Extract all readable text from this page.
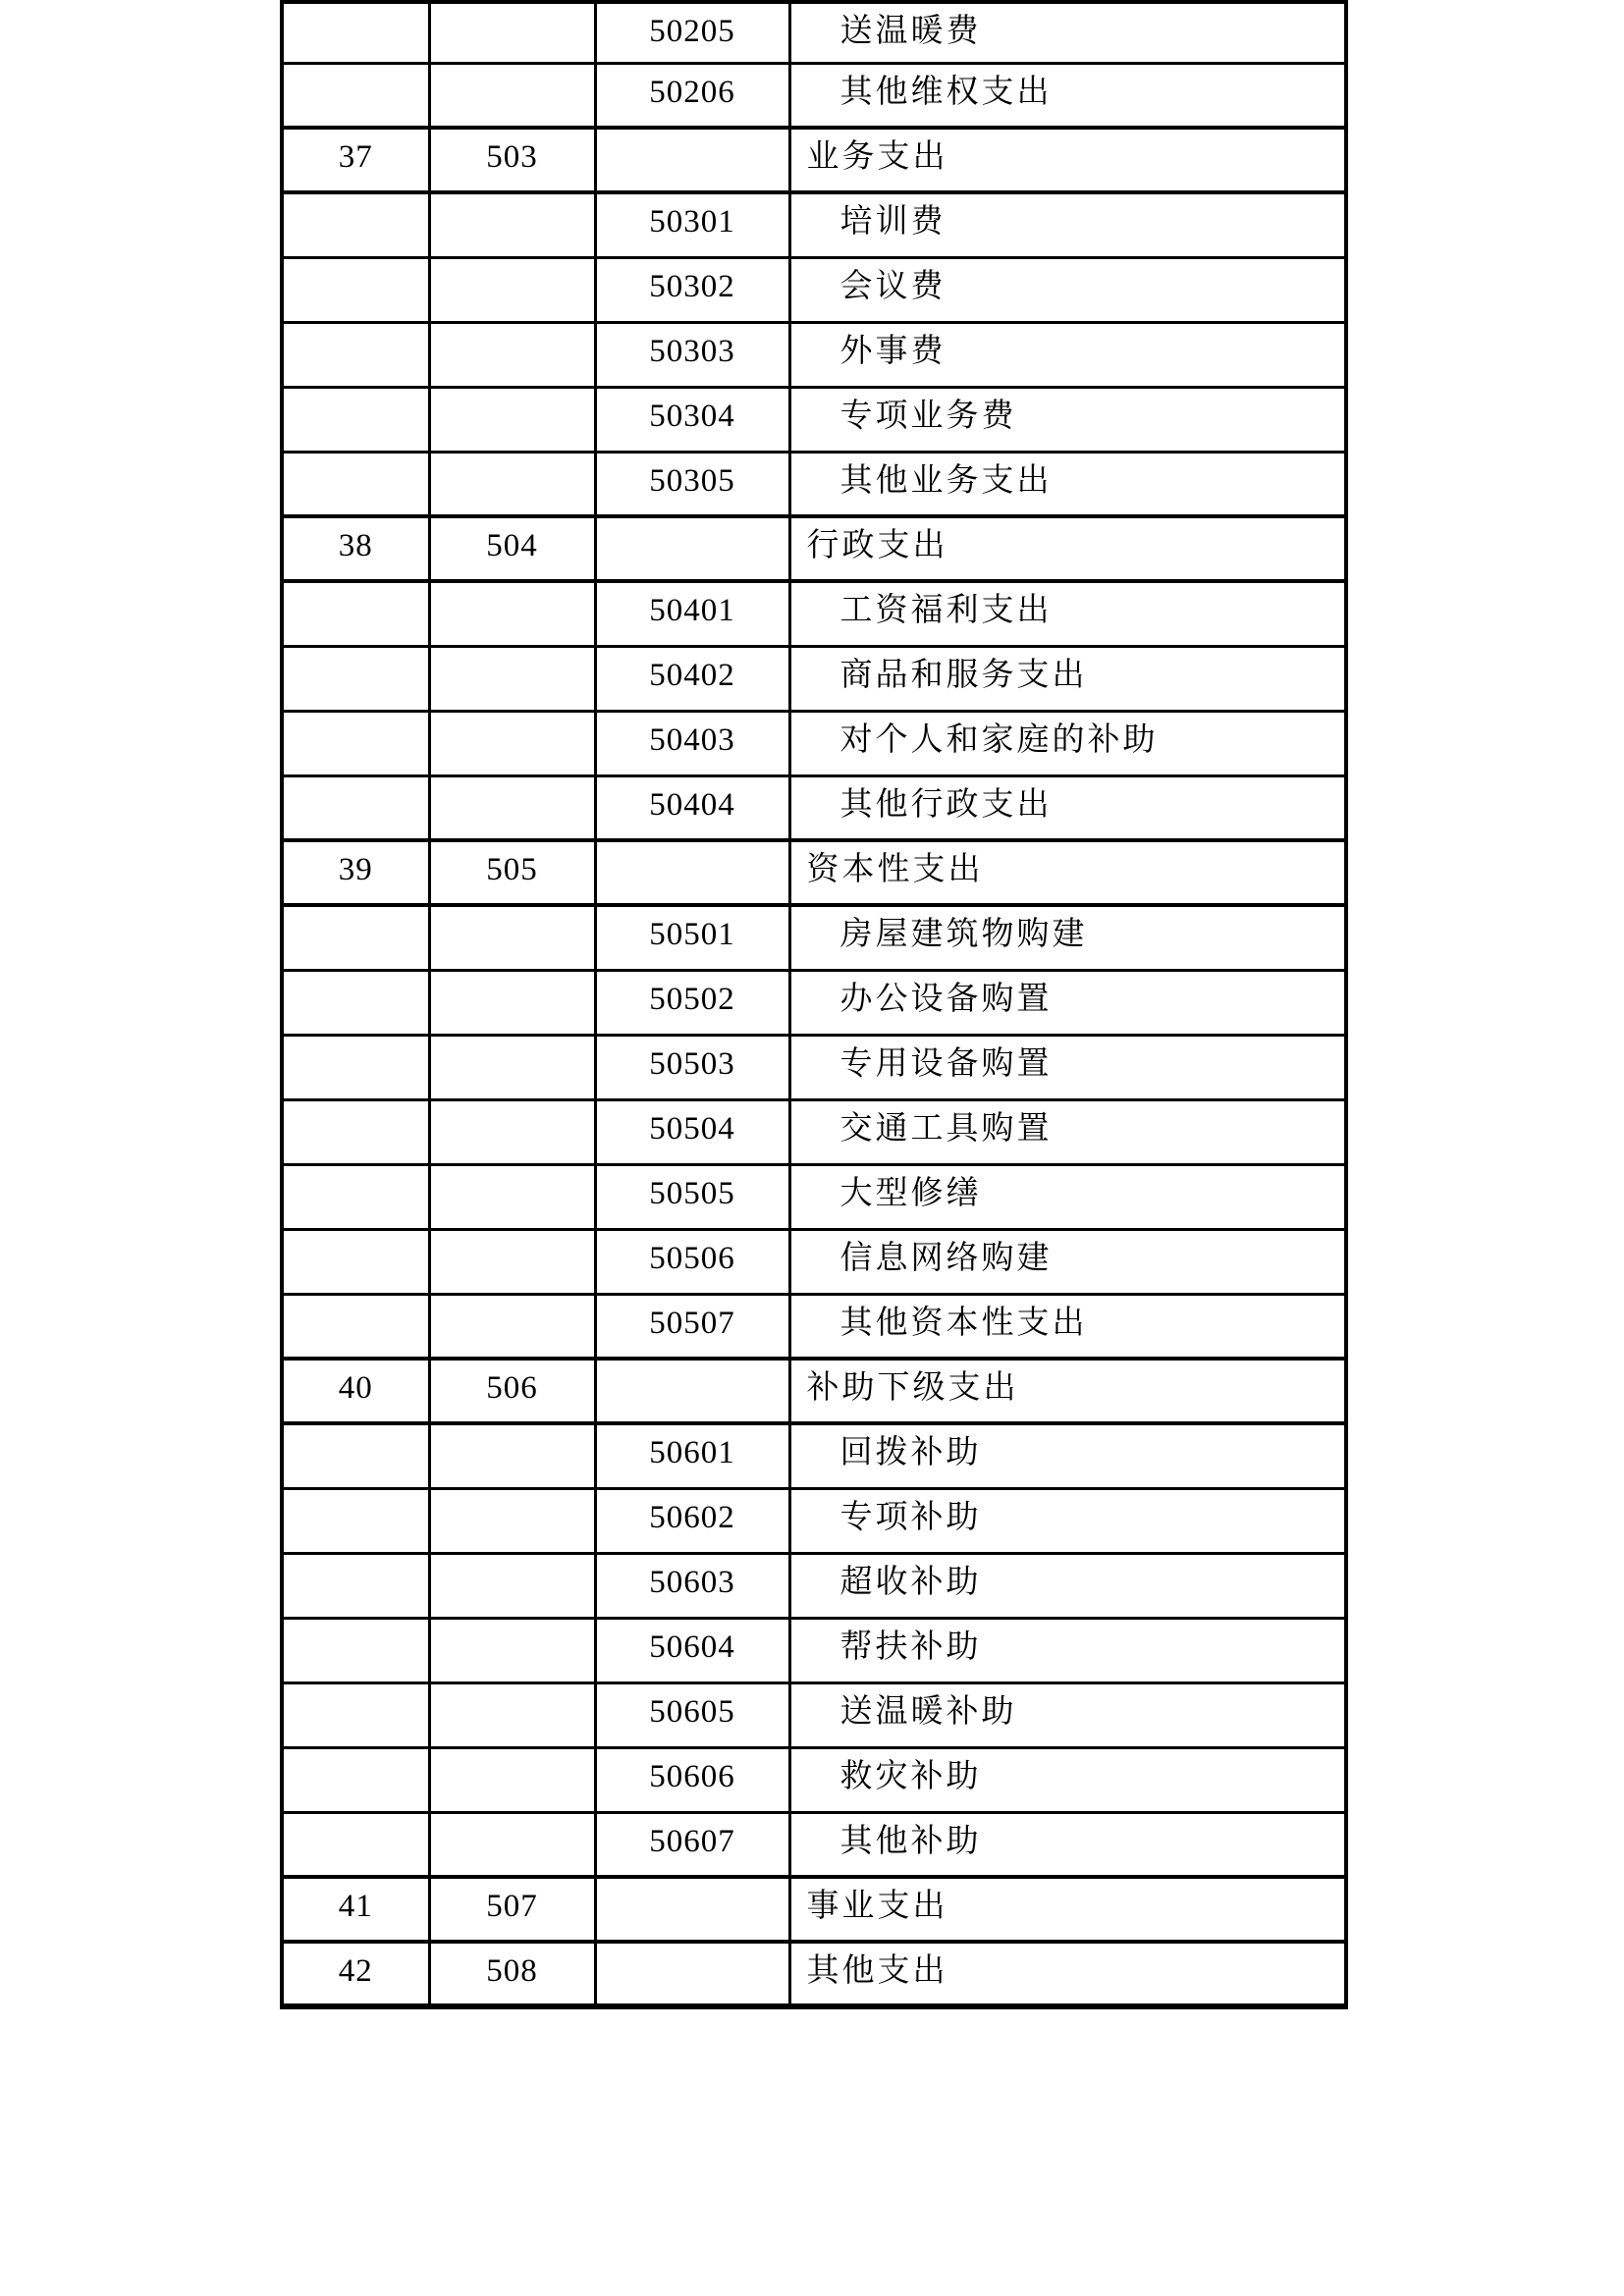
		50205	送温暖费
		50206	其他维权支出
37	503		业务支出
		50301	培训费
		50302	会议费
		50303	外事费
		50304	专项业务费
		50305	其他业务支出
38	504		行政支出
		50401	工资福利支出
		50402	商品和服务支出
		50403	对个人和家庭的补助
		50404	其他行政支出
39	505		资本性支出
		50501	房屋建筑物购建
		50502	办公设备购置
		50503	专用设备购置
		50504	交通工具购置
		50505	大型修缮
		50506	信息网络购建
		50507	其他资本性支出
40	506		补助下级支出
		50601	回拨补助
		50602	专项补助
		50603	超收补助
		50604	帮扶补助
		50605	送温暖补助
		50606	救灾补助
		50607	其他补助
41	507		事业支出
42	508		其他支出
